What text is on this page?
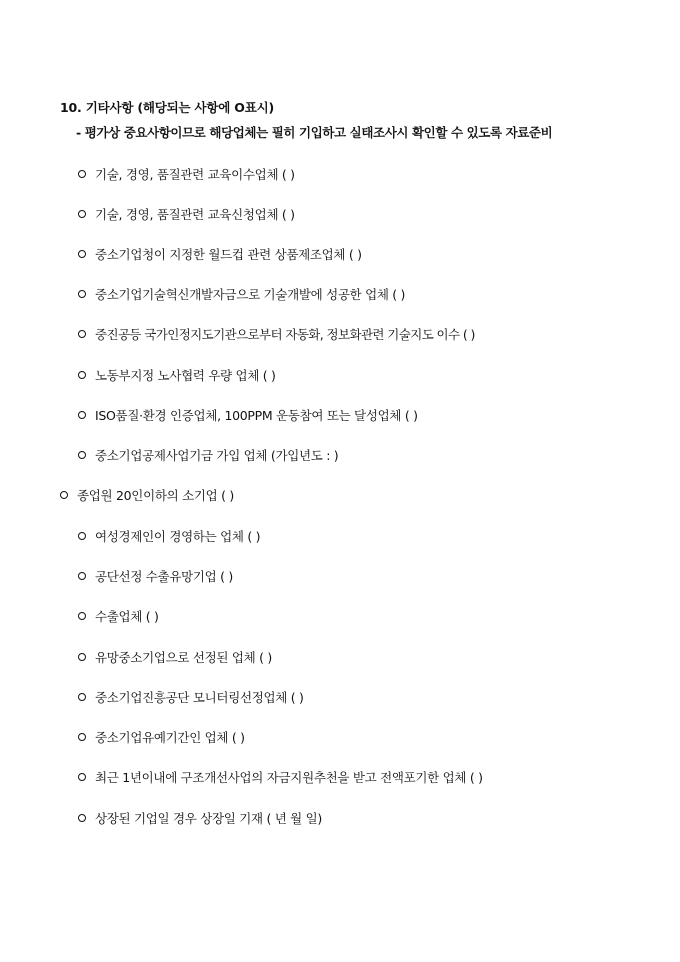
10. 기타사항 (해당되는 사항에 O표시)
- 평가상 중요사항이므로 해당업체는 필히 기입하고 실태조사시 확인할 수 있도록 자료준비
기술, 경영, 품질관련 교육이수업체 ( )
기술, 경영, 품질관련 교육신청업체 ( )
중소기업청이 지정한 월드컵 관련 상품제조업체 ( )
중소기업기술혁신개발자금으로 기술개발에 성공한 업체 ( )
중진공등 국가인정지도기관으로부터 자동화, 정보화관련 기술지도 이수 ( )
노동부지정 노사협력 우량 업체 ( )
ISO품질·환경 인증업체, 100PPM 운동참여 또는 달성업체 ( )
중소기업공제사업기금 가입 업체 (가입년도 : )
종업원 20인이하의 소기업 ( )
여성경제인이 경영하는 업체 ( )
공단선정 수출유망기업 ( )
수출업체 ( )
유망중소기업으로 선정된 업체 ( )
중소기업진흥공단 모니터링선정업체 ( )
중소기업유예기간인 업체 ( )
최근 1년이내에 구조개선사업의 자금지원추천을 받고 전액포기한 업체 ( )
상장된 기업일 경우 상장일 기재 ( 년 월 일)
